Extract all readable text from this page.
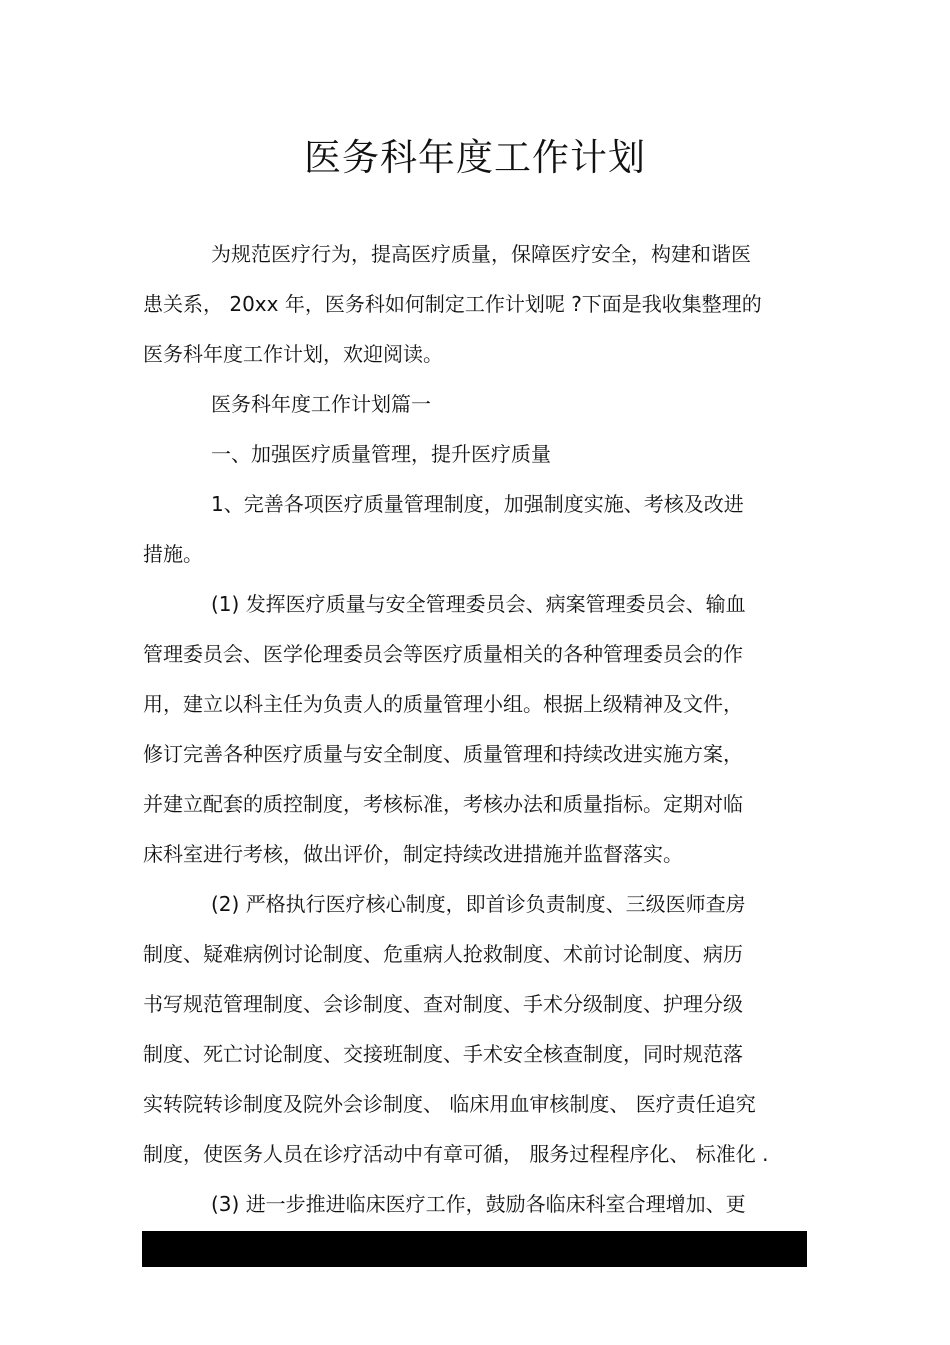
医务科年度工作计划

为规范医疗行为，提高医疗质量，保障医疗安全，构建和谐医

患关系， 20xx 年，医务科如何制定工作计划呢 ?下面是我收集整理的

医务科年度工作计划，欢迎阅读。

医务科年度工作计划篇一

一、加强医疗质量管理，提升医疗质量

1、完善各项医疗质量管理制度，加强制度实施、考核及改进

措施。

(1) 发挥医疗质量与安全管理委员会、病案管理委员会、输血

管理委员会、医学伦理委员会等医疗质量相关的各种管理委员会的作

用，建立以科主任为负责人的质量管理小组。根据上级精神及文件，

修订完善各种医疗质量与安全制度、质量管理和持续改进实施方案，

并建立配套的质控制度，考核标准，考核办法和质量指标。定期对临

床科室进行考核，做出评价，制定持续改进措施并监督落实。

(2) 严格执行医疗核心制度，即首诊负责制度、三级医师查房

制度、疑难病例讨论制度、危重病人抢救制度、术前讨论制度、病历

书写规范管理制度、会诊制度、查对制度、手术分级制度、护理分级

制度、死亡讨论制度、交接班制度、手术安全核查制度，同时规范落

实转院转诊制度及院外会诊制度、 临床用血审核制度、 医疗责任追究

制度，使医务人员在诊疗活动中有章可循， 服务过程程序化、 标准化 .

(3) 进一步推进临床医疗工作，鼓励各临床科室合理增加、更
